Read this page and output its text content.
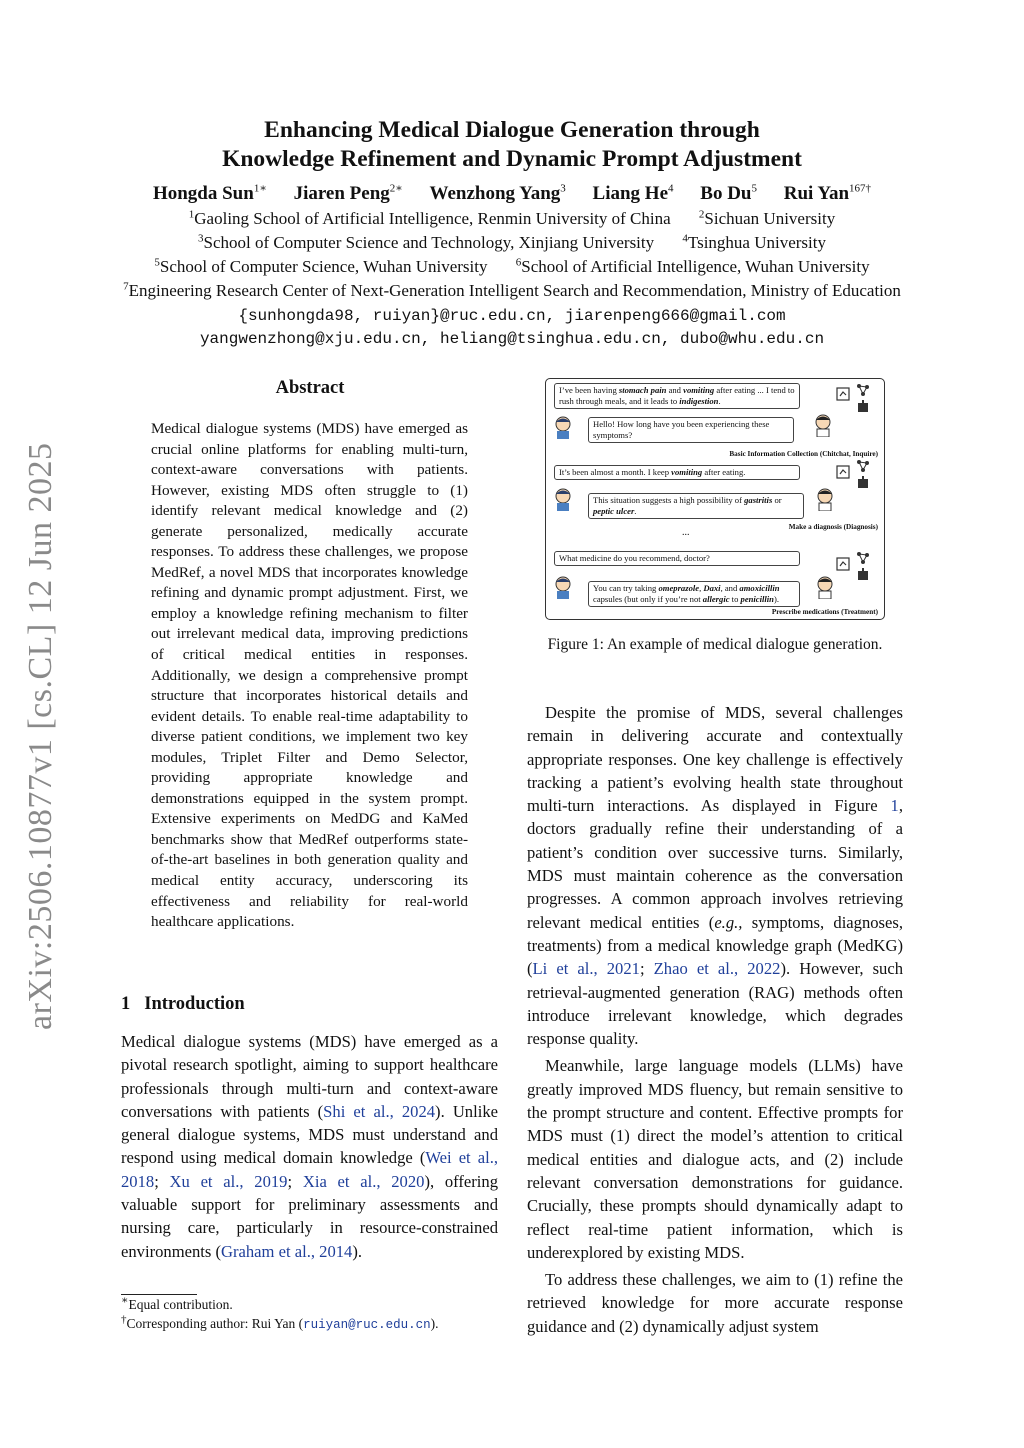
arXiv:2506.10877v1 [cs.CL] 12 Jun 2025
Enhancing Medical Dialogue Generation through
Knowledge Refinement and Dynamic Prompt Adjustment
Hongda Sun$^{1∗}$ Jiaren Peng$^{2∗}$ Wenzhong Yang$^3$ Liang He$^4$ Bo Du$^5$ Rui Yan$^{167\dagger}$
$^1$Gaoling School of Artificial Intelligence, Renmin University of China	$^2$Sichuan University
$^3$School of Computer Science and Technology, Xinjiang University	$^4$Tsinghua University
$^5$School of Computer Science, Wuhan University	$^6$School of Artificial Intelligence, Wuhan University
$^7$Engineering Research Center of Next-Generation Intelligent Search and Recommendation, Ministry of Education
{sunhongda98, ruiyan}@ruc.edu.cn, jiarenpeng666@gmail.com
yangwenzhong@xju.edu.cn, heliang@tsinghua.edu.cn, dubo@whu.edu.cn
Abstract
Medical dialogue systems (MDS) have emerged as crucial online platforms for enabling multi-turn, context-aware conversations with patients. However, existing MDS often struggle to (1) identify relevant medical knowledge and (2) generate personalized, medically accurate responses. To address these challenges, we propose MedRef, a novel MDS that incorporates knowledge refining and dynamic prompt adjustment. First, we employ a knowledge refining mechanism to filter out irrelevant medical data, improving predictions of critical medical entities in responses. Additionally, we design a comprehensive prompt structure that incorporates historical details and evident details. To enable real-time adaptability to diverse patient conditions, we implement two key modules, Triplet Filter and Demo Selector, providing appropriate knowledge and demonstrations equipped in the system prompt. Extensive experiments on MedDG and KaMed benchmarks show that MedRef outperforms state-of-the-art baselines in both generation quality and medical entity accuracy, underscoring its effectiveness and reliability for real-world healthcare applications.
1 Introduction

Medical dialogue systems (MDS) have emerged as a pivotal research spotlight, aiming to support healthcare professionals through multi-turn and context-aware conversations with patients (Shi et al., 2024). Unlike general dialogue systems, MDS must understand and respond using medical domain knowledge (Wei et al., 2018; Xu et al., 2019; Xia et al., 2020), offering valuable support for preliminary assessments and nursing care, particularly in resource-constrained environments (Graham et al., 2014).

∗Equal contribution.
†Corresponding author: Rui Yan (ruiyan@ruc.edu.cn).
I’ve been having stomach pain and vomiting after eating ... I tend to rush through meals, and it leads to indigestion.
Hello! How long have you been experiencing these symptoms?
Basic Information Collection (Chitchat, Inquire)
It’s been almost a month. I keep vomiting after eating.
This situation suggests a high possibility of gastritis or peptic ulcer.
...	Make a diagnosis (Diagnosis)
What medicine do you recommend, doctor?
You can try taking omeprazole, Daxi, and amoxicillin capsules (but only if you’re not allergic to penicillin).
Prescribe medications (Treatment)
Figure 1: An example of medical dialogue generation.

Despite the promise of MDS, several challenges remain in delivering accurate and contextually appropriate responses. One key challenge is effectively tracking a patient’s evolving health state throughout multi-turn interactions. As displayed in Figure 1, doctors gradually refine their understanding of a patient’s condition over successive turns. Similarly, MDS must maintain coherence as the conversation progresses. A common approach involves retrieving relevant medical entities (e.g., symptoms, diagnoses, treatments) from a medical knowledge graph (MedKG) (Li et al., 2021; Zhao et al., 2022). However, such retrieval-augmented generation (RAG) methods often introduce irrelevant knowledge, which degrades response quality.

Meanwhile, large language models (LLMs) have greatly improved MDS fluency, but remain sensitive to the prompt structure and content. Effective prompts for MDS must (1) direct the model’s attention to critical medical entities and dialogue acts, and (2) include relevant conversation demonstrations for guidance. Crucially, these prompts should dynamically adapt to reflect real-time patient information, which is underexplored by existing MDS.

To address these challenges, we aim to (1) refine the retrieved knowledge for more accurate response guidance and (2) dynamically adjust system
